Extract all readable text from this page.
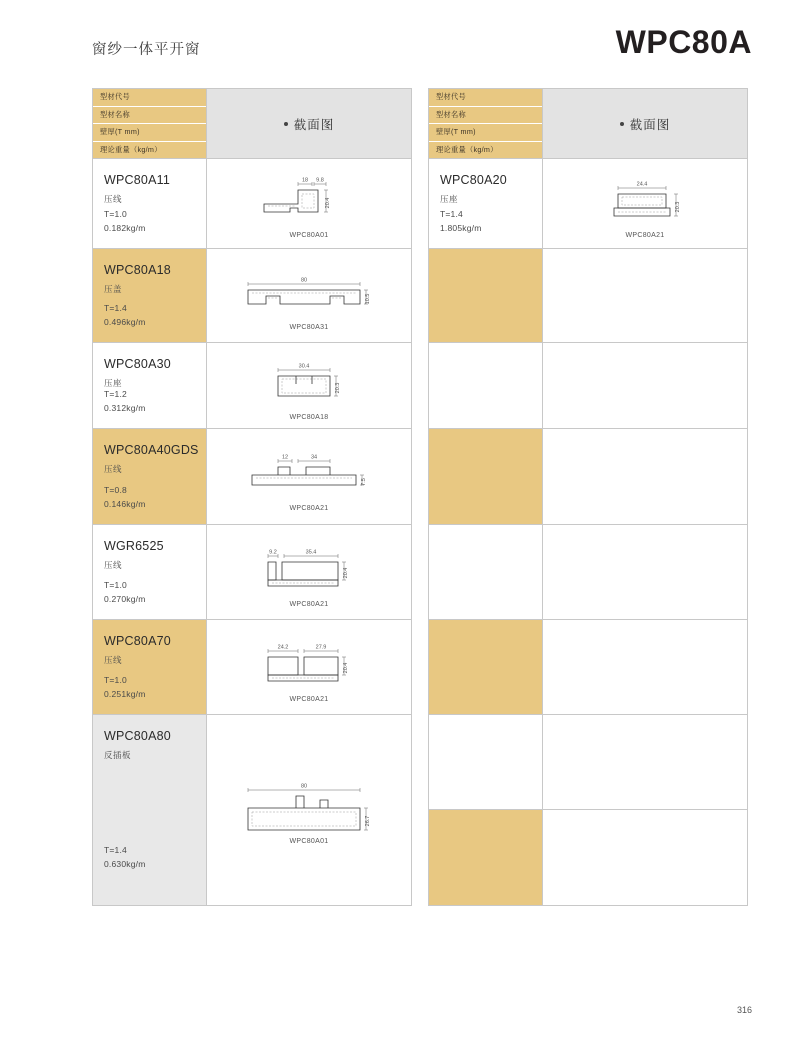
窗纱一体平开窗	WPC80A
型材代号
型材名称
壁厚(T mm)
理论重量（kg/m）
截面图
WPC80A11
压线
T=1.0
0.182kg/m
18 9.8
20.4
WPC80A01
WPC80A18
压盖
T=1.4
0.496kg/m
80
10.5
WPC80A31
WPC80A30
压座
T=1.2
0.312kg/m
30.4
20.3
WPC80A18
WPC80A40GDS
压线
T=0.8
0.146kg/m
12	34
7.5
WPC80A21
WGR6525
压线
T=1.0
0.270kg/m
9.2	35.4
20.4
WPC80A21
WPC80A70
压线
T=1.0
0.251kg/m
24.2	27.9
20.4
WPC80A21
WPC80A80
反插板
T=1.4
0.630kg/m
80
26.7
WPC80A01
型材代号
型材名称
壁厚(T mm)
理论重量（kg/m）
截面图
WPC80A20
压座
T=1.4
1.805kg/m
24.4
20.3
WPC80A21
316
